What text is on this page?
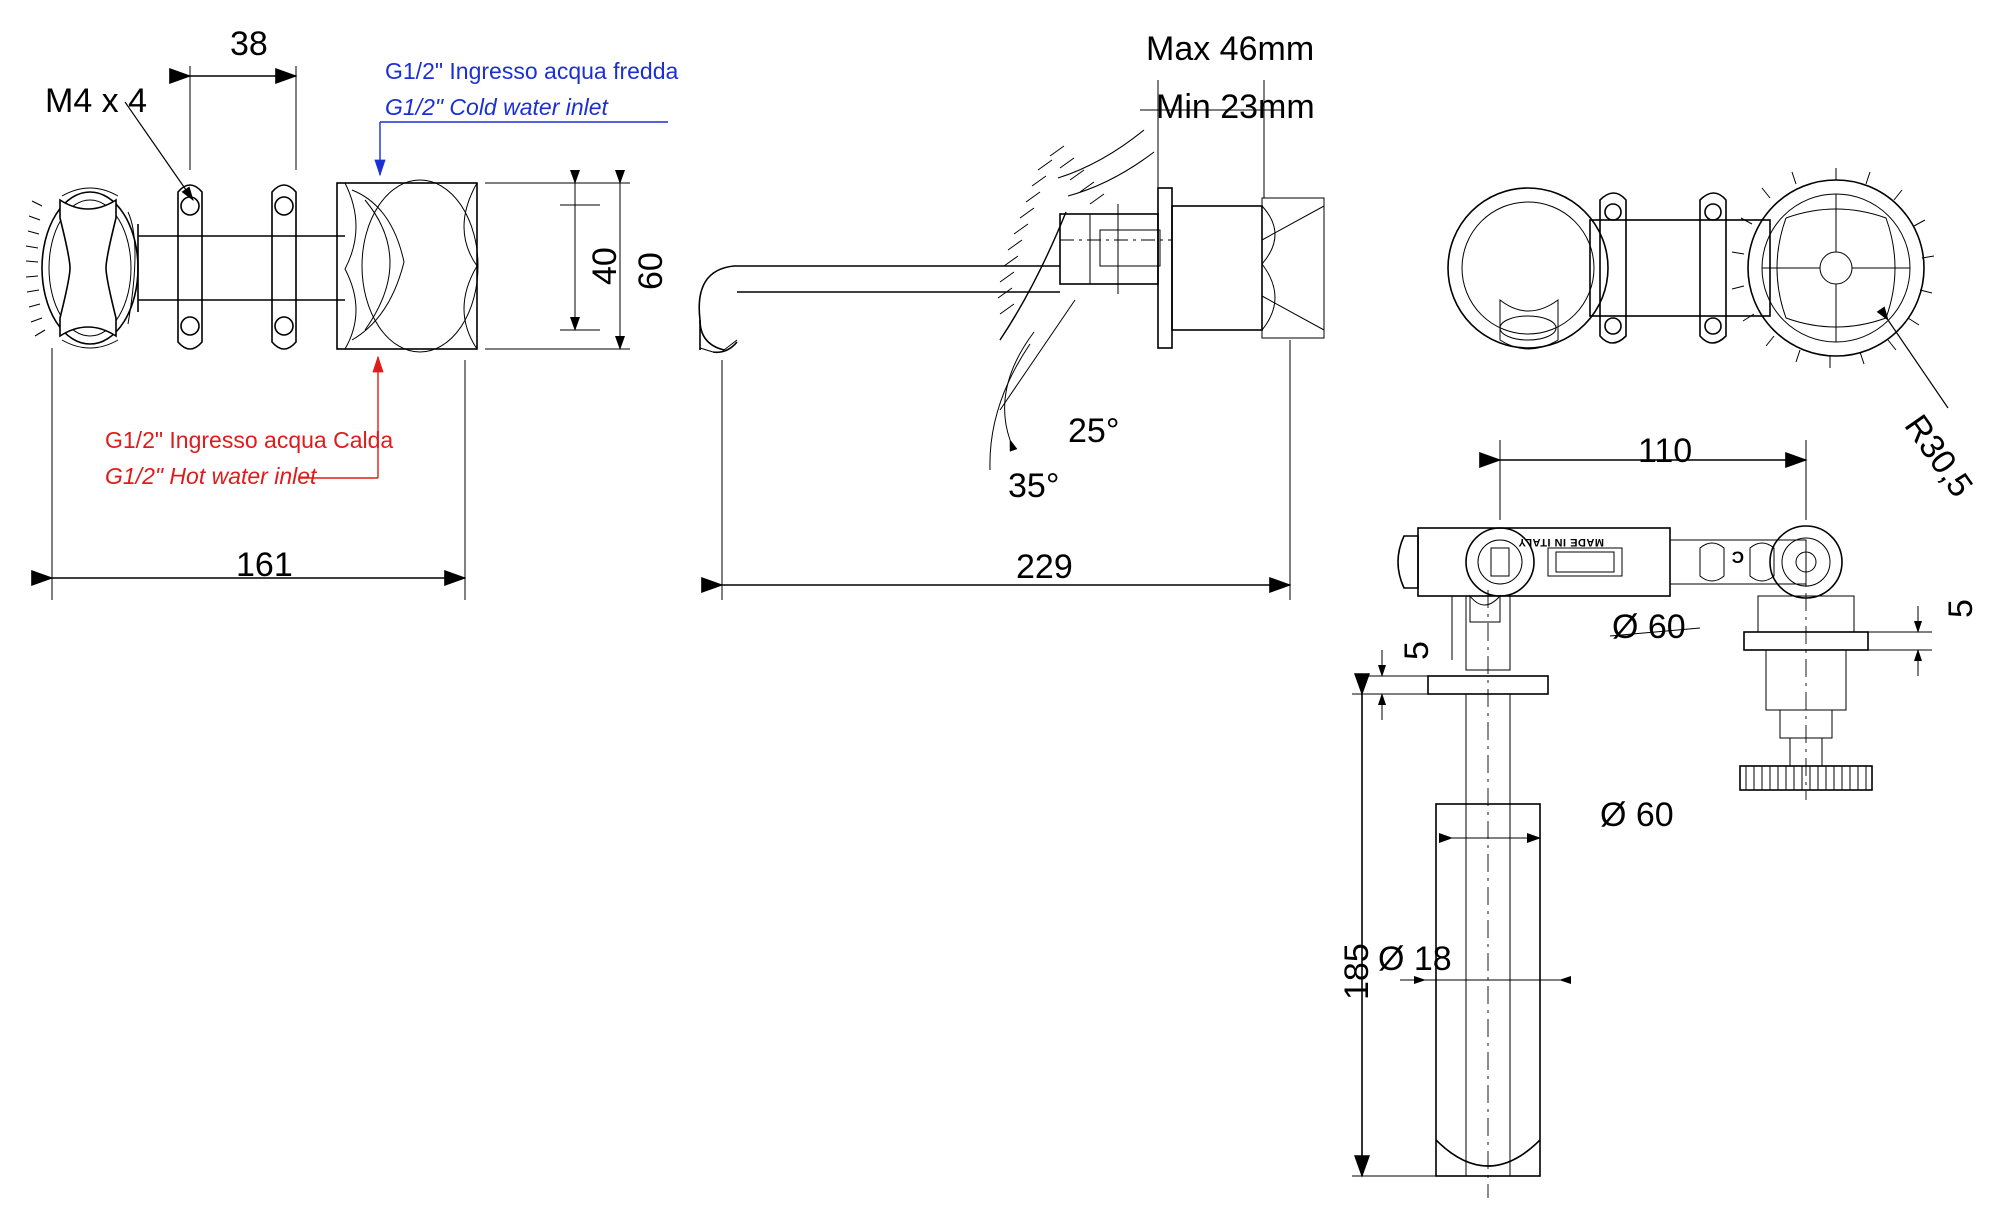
38
161
40 60
M4 x 4
G1/2" Ingresso acqua fredda
G1/2" Cold water inlet
G1/2" Ingresso acqua Calda
G1/2" Hot water inlet
Max 46mm
Min 23mm
25°
35°
229
R30,5
110
5
5
Ø 60
Ø 60
Ø 18
185
MADE IN ITALY
C
